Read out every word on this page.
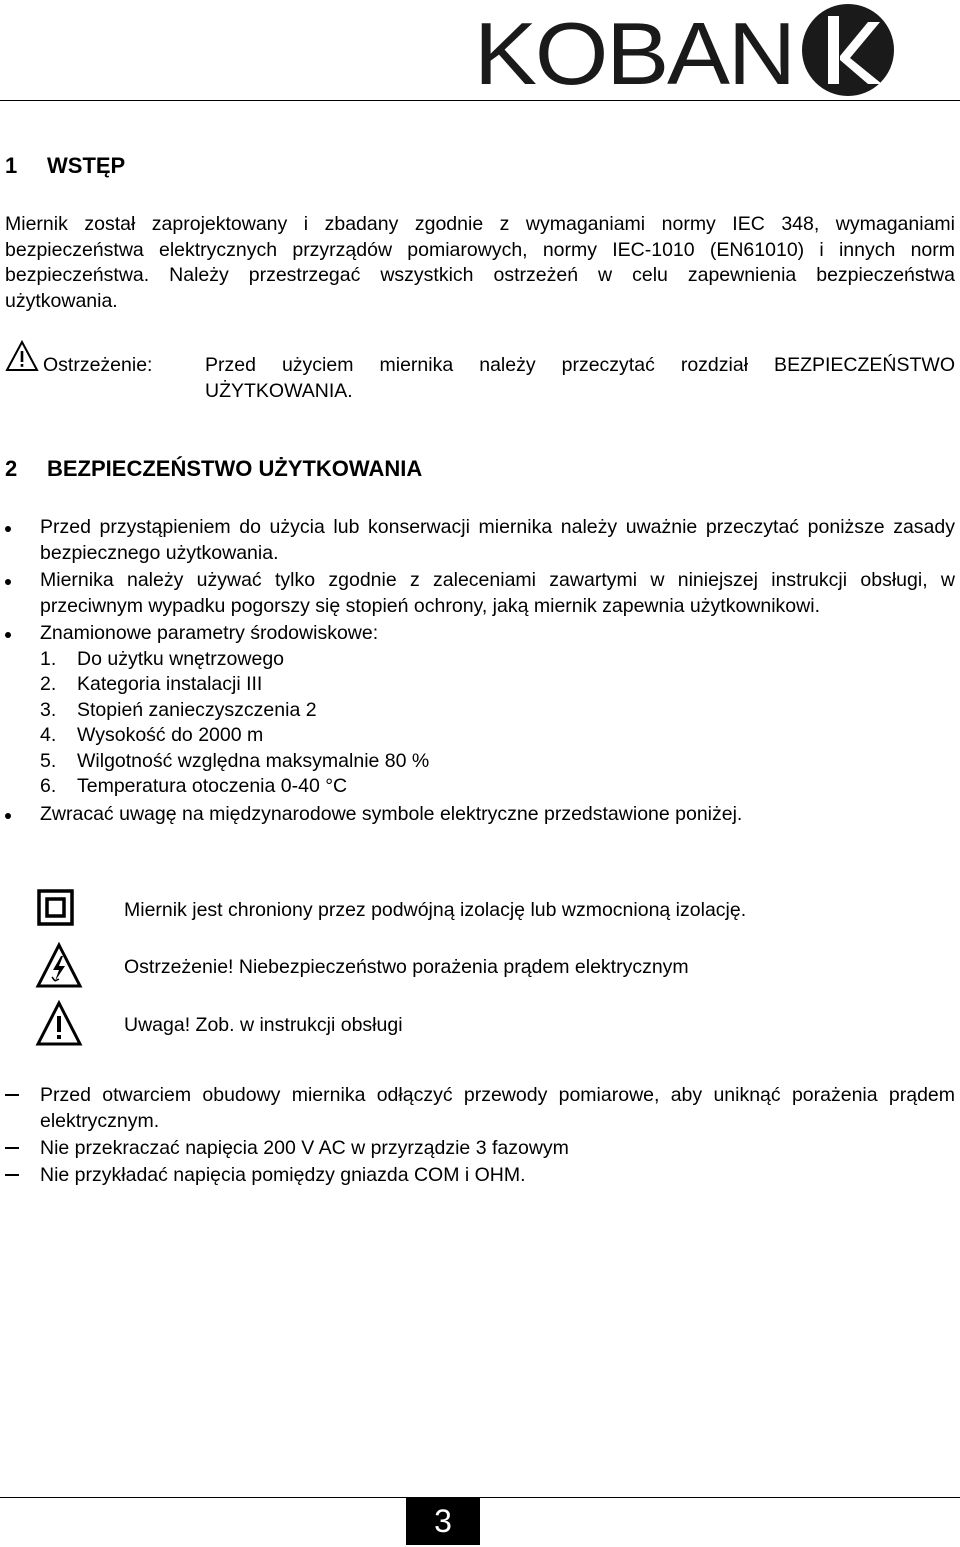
KOBAN
1 WSTĘP
Miernik został zaprojektowany i zbadany zgodnie z wymaganiami normy IEC 348, wymaganiami bezpieczeństwa elektrycznych przyrządów pomiarowych, normy IEC-1010 (EN61010) i innych norm bezpieczeństwa. Należy przestrzegać wszystkich ostrzeżeń w celu zapewnienia bezpieczeństwa użytkowania.
Ostrzeżenie:	Przed użyciem miernika należy przeczytać rozdział BEZPIECZEŃSTWO UŻYTKOWANIA.
2 BEZPIECZEŃSTWO UŻYTKOWANIA
Przed przystąpieniem do użycia lub konserwacji miernika należy uważnie przeczytać poniższe zasady bezpiecznego użytkowania.
Miernika należy używać tylko zgodnie z zaleceniami zawartymi w niniejszej instrukcji obsługi, w przeciwnym wypadku pogorszy się stopień ochrony, jaką miernik zapewnia użytkownikowi.
Znamionowe parametry środowiskowe:
1. Do użytku wnętrzowego
2. Kategoria instalacji III
3. Stopień zanieczyszczenia 2
4. Wysokość do 2000 m
5. Wilgotność względna maksymalnie 80 %
6. Temperatura otoczenia 0-40 °C
Zwracać uwagę na międzynarodowe symbole elektryczne przedstawione poniżej.
Miernik jest chroniony przez podwójną izolację lub wzmocnioną izolację.
Ostrzeżenie! Niebezpieczeństwo porażenia prądem elektrycznym
Uwaga! Zob. w instrukcji obsługi
Przed otwarciem obudowy miernika odłączyć przewody pomiarowe, aby uniknąć porażenia prądem elektrycznym.
Nie przekraczać napięcia 200 V AC w przyrządzie 3 fazowym
Nie przykładać napięcia pomiędzy gniazda COM i OHM.
3
